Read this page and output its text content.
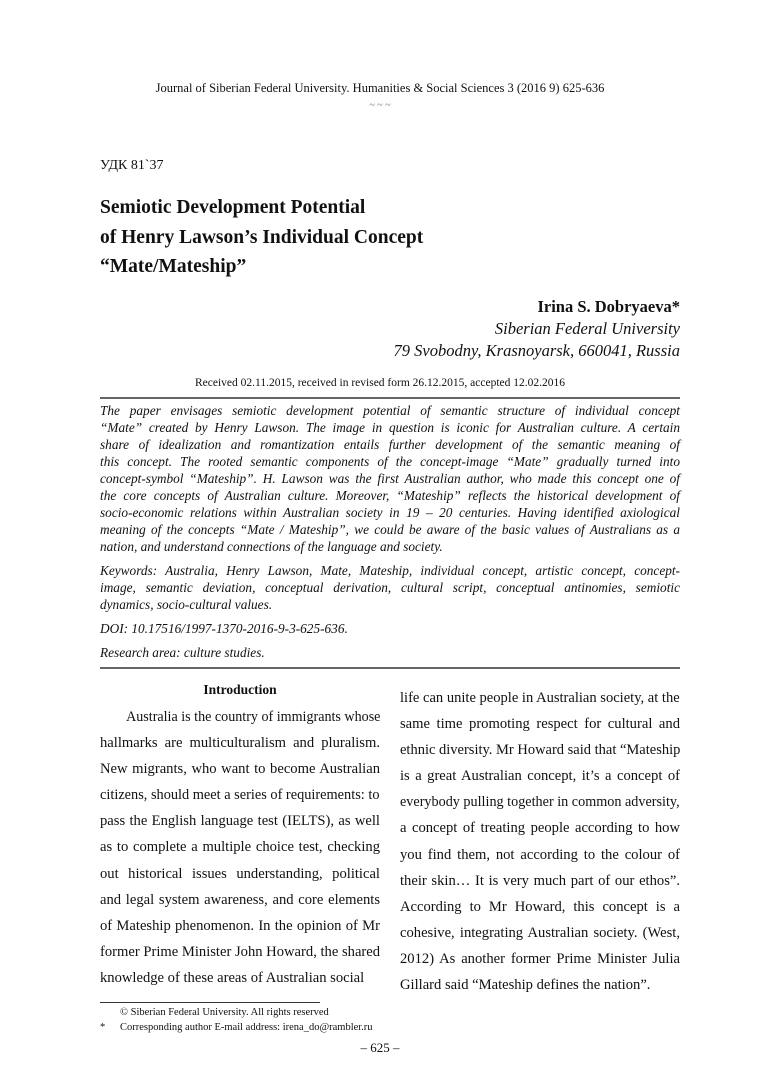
Journal of Siberian Federal University. Humanities & Social Sciences 3 (2016 9) 625-636
~ ~ ~
УДК 81`37
Semiotic Development Potential
of Henry Lawson’s Individual Concept
“Mate/Mateship”
Irina S. Dobryaeva*
Siberian Federal University
79 Svobodny, Krasnoyarsk, 660041, Russia
Received 02.11.2015, received in revised form 26.12.2015, accepted 12.02.2016

The paper envisages semiotic development potential of semantic structure of individual concept
“Mate” created by Henry Lawson. The image in question is iconic for Australian culture. A certain
share of idealization and romantization entails further development of the semantic meaning of
this concept. The rooted semantic components of the concept-image “Mate” gradually turned into
concept-symbol “Mateship”. H. Lawson was the first Australian author, who made this concept one of
the core concepts of Australian culture. Moreover, “Mateship” reflects the historical development of
socio-economic relations within Australian society in 19 – 20 centuries. Having identified axiological
meaning of the concepts “Mate / Mateship”, we could be aware of the basic values of Australians as a
nation, and understand connections of the language and society.

Keywords: Australia, Henry Lawson, Mate, Mateship, individual concept, artistic concept, concept-
image, semantic deviation, conceptual derivation, cultural script, conceptual antinomies, semiotic
dynamics, socio-cultural values.

DOI: 10.17516/1997-1370-2016-9-3-625-636.

Research area: culture studies.

Introduction
Australia is the country of immigrants whose
hallmarks are multiculturalism and pluralism.
New migrants, who want to become Australian
citizens, should meet a series of requirements: to
pass the English language test (IELTS), as well
as to complete a multiple choice test, checking
out historical issues understanding, political
and legal system awareness, and core elements
of Mateship phenomenon. In the opinion of Mr
former Prime Minister John Howard, the shared
knowledge of these areas of Australian social
life can unite people in Australian society, at the
same time promoting respect for cultural and
ethnic diversity. Mr Howard said that “Mateship
is a great Australian concept, it’s a concept of
everybody pulling together in common adversity,
a concept of treating people according to how
you find them, not according to the colour of
their skin… It is very much part of our ethos”.
According to Mr Howard, this concept is a
cohesive, integrating Australian society. (West,
2012) As another former Prime Minister Julia
Gillard said “Mateship defines the nation”.
© Siberian Federal University. All rights reserved
* Corresponding author E-mail address: irena_do@rambler.ru
– 625 –
